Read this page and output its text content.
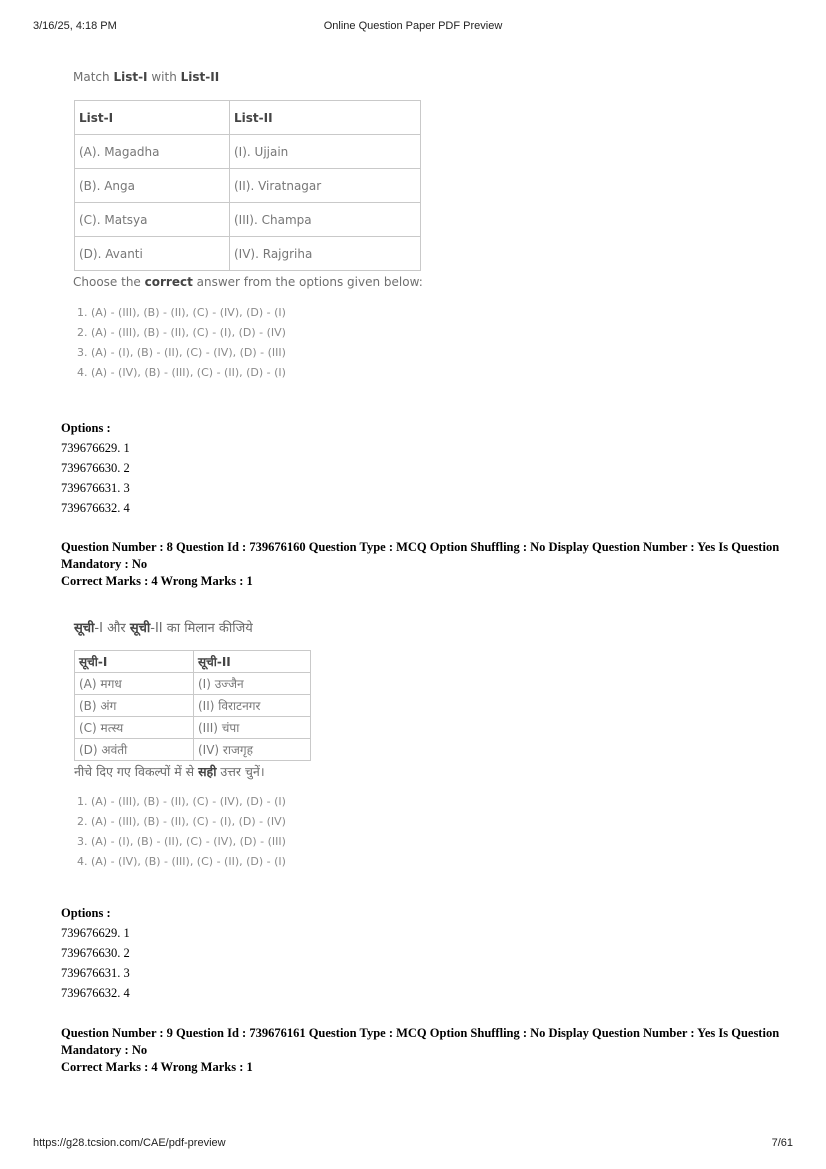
3/16/25, 4:18 PM	Online Question Paper PDF Preview
Match List-I with List-II
List-I	List-II
(A). Magadha	(I). Ujjain
(B). Anga	(II). Viratnagar
(C). Matsya	(III). Champa
(D). Avanti	(IV). Rajgriha
Choose the correct answer from the options given below:
1. (A) - (III), (B) - (II), (C) - (IV), (D) - (I)
2. (A) - (III), (B) - (II), (C) - (I), (D) - (IV)
3. (A) - (I), (B) - (II), (C) - (IV), (D) - (III)
4. (A) - (IV), (B) - (III), (C) - (II), (D) - (I)
Options :
739676629. 1
739676630. 2
739676631. 3
739676632. 4
Question Number : 8 Question Id : 739676160 Question Type : MCQ Option Shuffling : No Display Question Number : Yes Is Question Mandatory : No
Correct Marks : 4 Wrong Marks : 1
सूची-I और सूची-II का मिलान कीजिये
सूची-I	सूची-II
(A) मगध	(I) उज्जैन
(B) अंग	(II) विराटनगर
(C) मत्स्य	(III) चंपा
(D) अवंती	(IV) राजगृह
नीचे दिए गए विकल्पों में से सही उत्तर चुनें।
1. (A) - (III), (B) - (II), (C) - (IV), (D) - (I)
2. (A) - (III), (B) - (II), (C) - (I), (D) - (IV)
3. (A) - (I), (B) - (II), (C) - (IV), (D) - (III)
4. (A) - (IV), (B) - (III), (C) - (II), (D) - (I)
Options :
739676629. 1
739676630. 2
739676631. 3
739676632. 4
Question Number : 9 Question Id : 739676161 Question Type : MCQ Option Shuffling : No Display Question Number : Yes Is Question Mandatory : No
Correct Marks : 4 Wrong Marks : 1
https://g28.tcsion.com/CAE/pdf-preview	7/61
